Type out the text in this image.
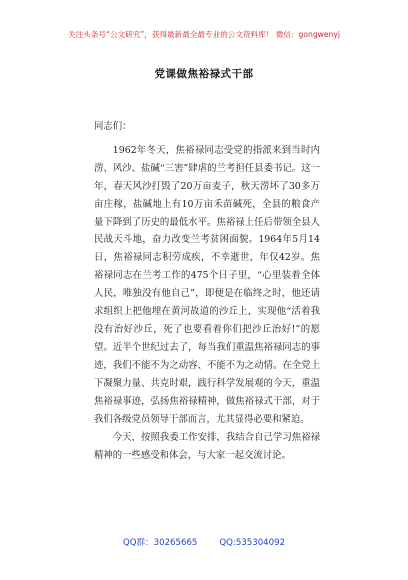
关注头条号“公文研究”，获得最新最全最专业的公文资料库！ 微信：gongwenyj
党课做焦裕禄式干部

同志们：

1962年冬天，焦裕禄同志受党的指派来到当时内涝、风沙、盐碱“三害”肆虐的兰考担任县委书记。这一年，春天风沙打毁了20万亩麦子，秋天涝坏了30多万亩庄稼，盐碱地上有10万亩禾苗碱死，全县的粮食产量下降到了历史的最低水平。焦裕禄上任后带领全县人民战天斗地，奋力改变兰考贫困面貌。1964年5月14日，焦裕禄同志积劳成疾，不幸逝世，年仅42岁。焦裕禄同志在兰考工作的475个日子里，“心里装着全体人民，唯独没有他自己”，即便是在临终之时，他还请求组织上把他埋在黄河故道的沙丘上，实现他“活着我没有治好沙丘，死了也要看着你们把沙丘治好!”的愿望。近半个世纪过去了，每当我们重温焦裕禄同志的事迹，我们不能不为之动容、不能不为之动情。在全党上下凝聚力量、共克时艰，践行科学发展观的今天，重温焦裕禄事迹，弘扬焦裕禄精神，做焦裕禄式干部，对于我们各级党员领导干部而言，尤其显得必要和紧迫。

今天，按照我委工作安排，我结合自己学习焦裕禄精神的一些感受和体会，与大家一起交流讨论。

QQ群：30265665	QQ:535304092
